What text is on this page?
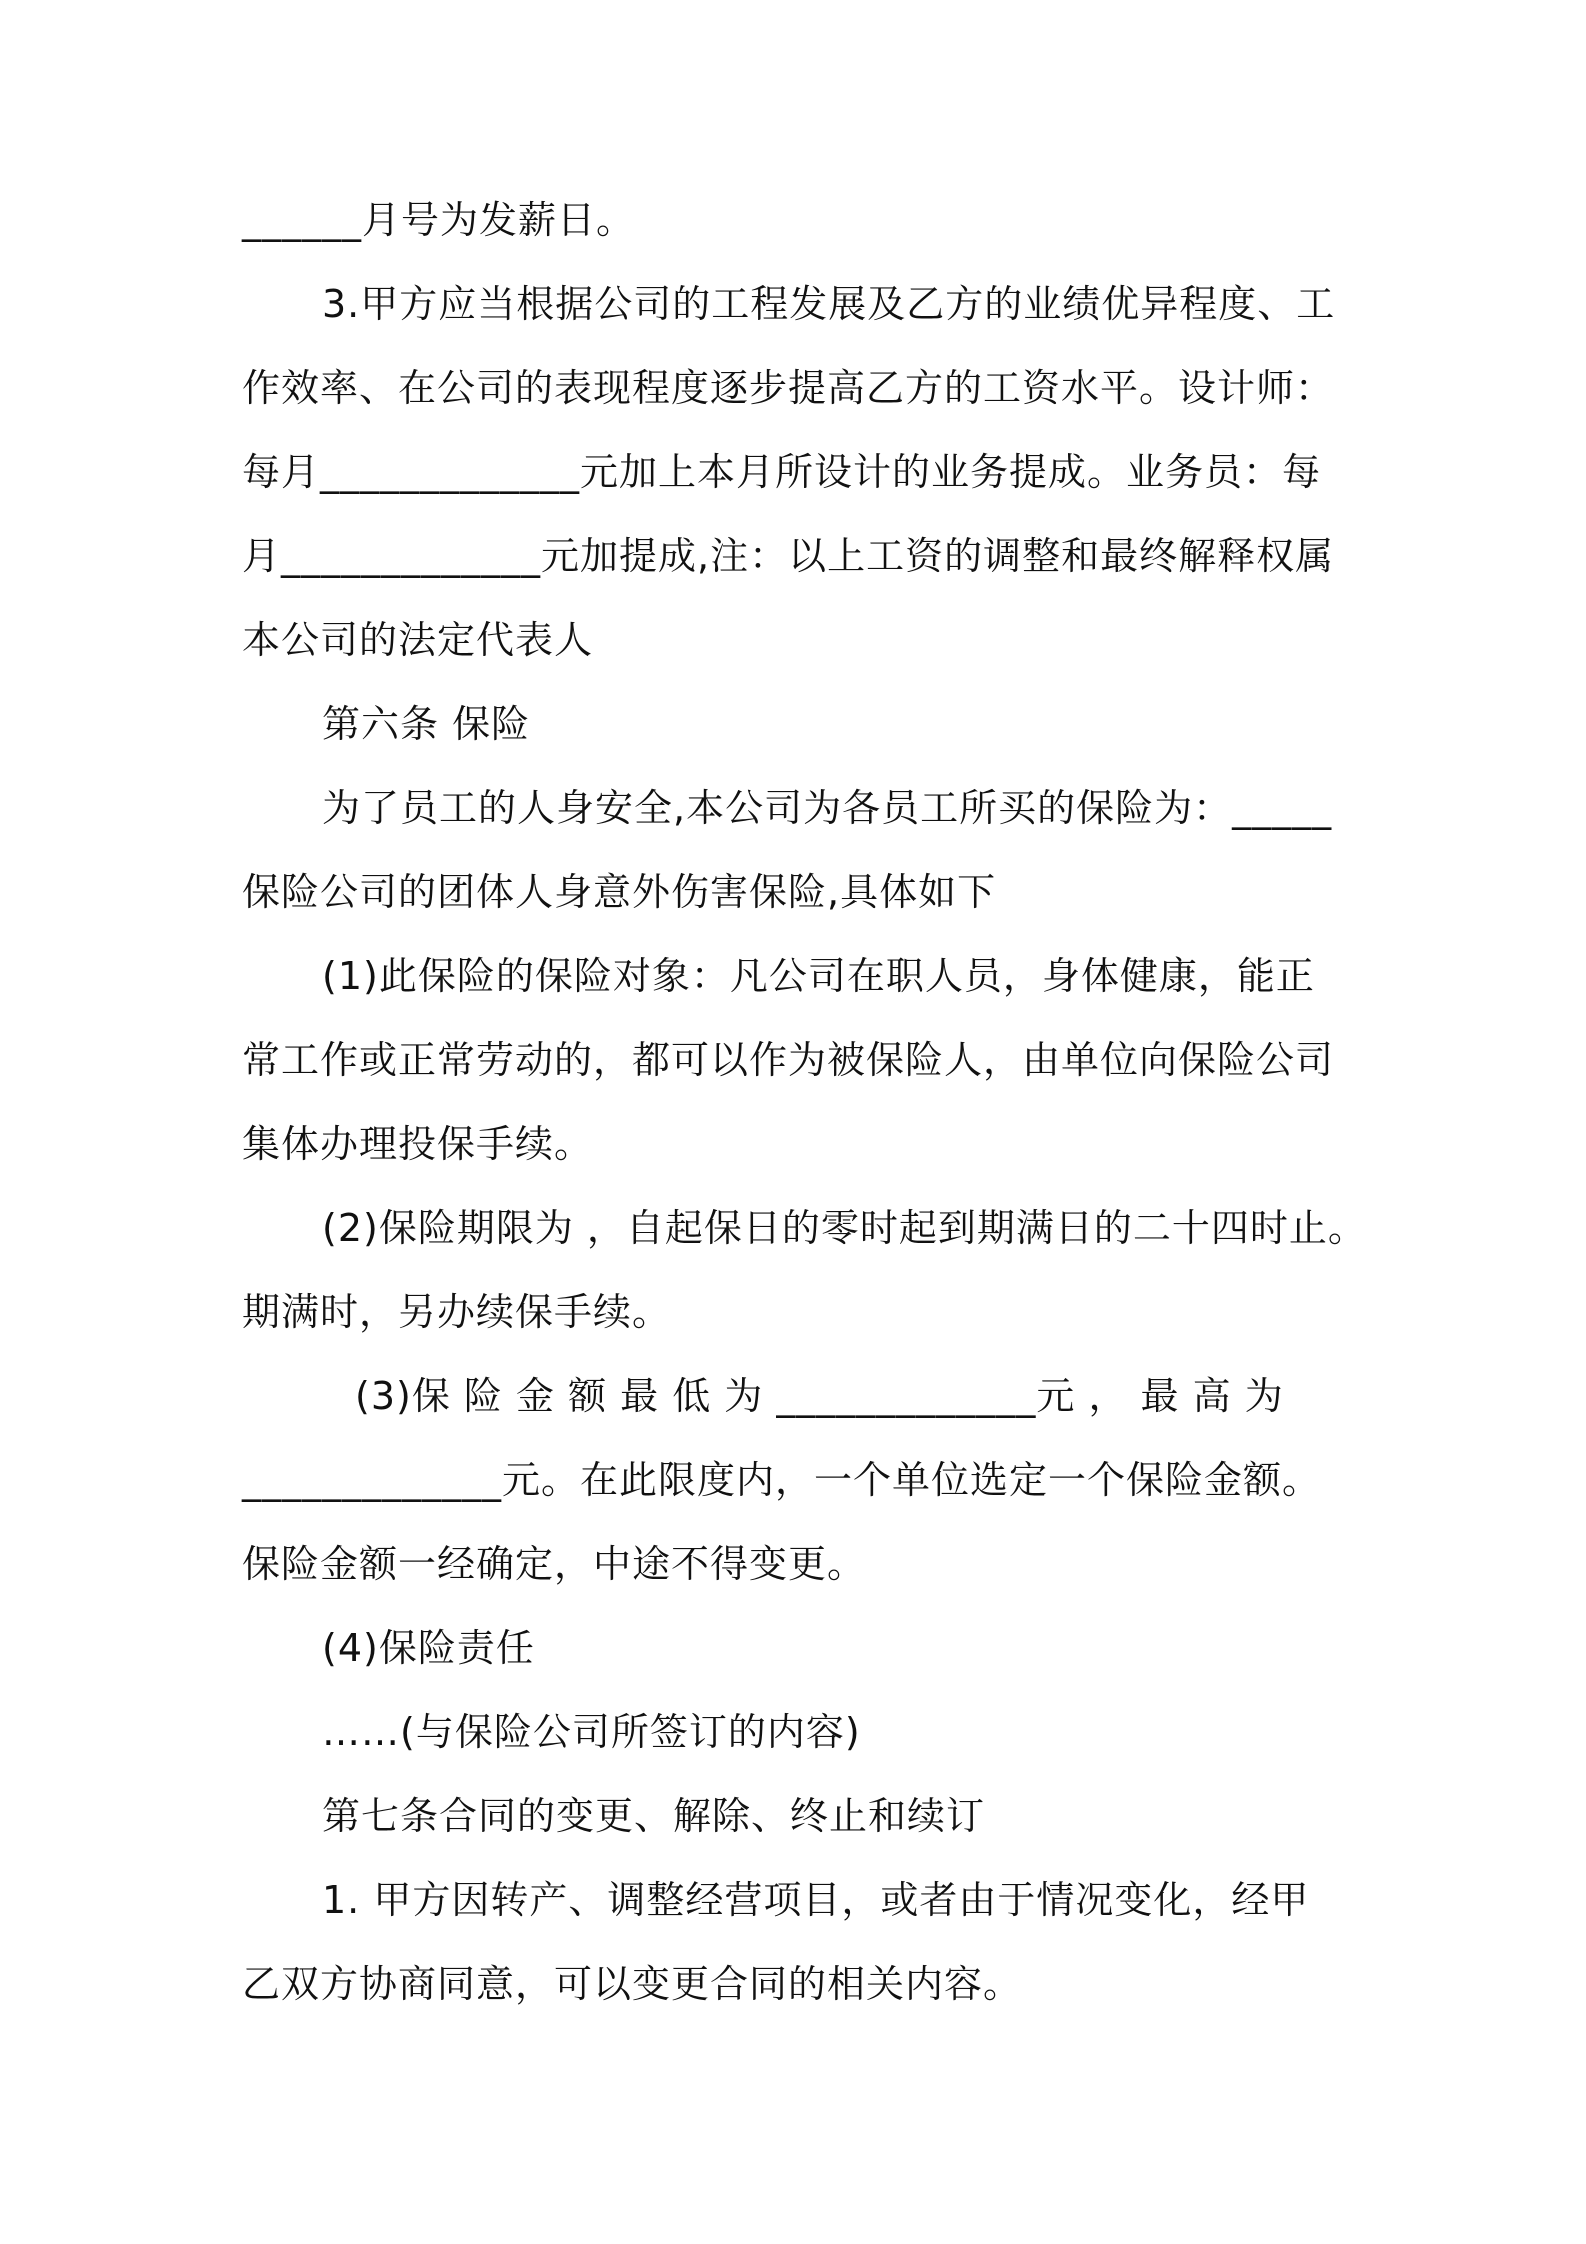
______月号为发薪日。
3.甲方应当根据公司的工程发展及乙方的业绩优异程度、工
作效率、在公司的表现程度逐步提高乙方的工资水平。设计师：
每月_____________元加上本月所设计的业务提成。业务员：每
月_____________元加提成,注：以上工资的调整和最终解释权属
本公司的法定代表人
第六条 保险
为了员工的人身安全,本公司为各员工所买的保险为：_____
保险公司的团体人身意外伤害保险,具体如下
(1)此保险的保险对象：凡公司在职人员，身体健康，能正
常工作或正常劳动的，都可以作为被保险人，由单位向保险公司
集体办理投保手续。
(2)保险期限为 ，自起保日的零时起到期满日的二十四时止。
期满时，另办续保手续。
(3)保 险 金 额 最 低 为 _____________元 ， 最 高 为
_____________元。在此限度内，一个单位选定一个保险金额。
保险金额一经确定，中途不得变更。
(4)保险责任
……(与保险公司所签订的内容)
第七条合同的变更、解除、终止和续订
1. 甲方因转产、调整经营项目，或者由于情况变化，经甲
乙双方协商同意，可以变更合同的相关内容。
